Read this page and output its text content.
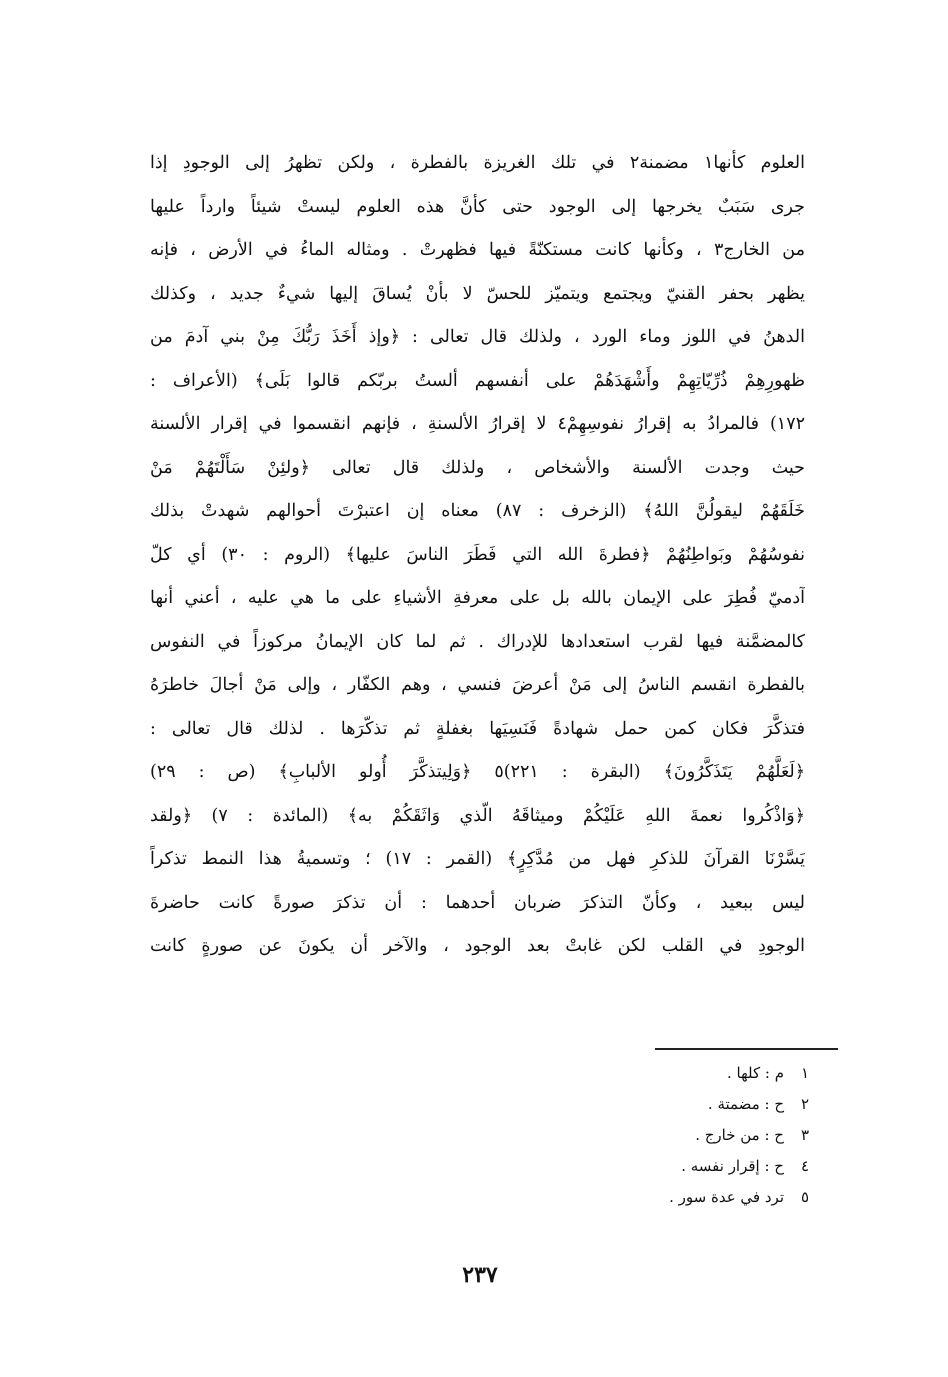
العلوم كأنها١ مضمنة٢ في تلك الغريزة بالفطرة ، ولكن تظهرُ إلى الوجودِ إذا
جرى سَبَبٌ يخرجها إلى الوجود حتى كأنَّ هذه العلوم ليستْ شيئاً وارداً عليها
من الخارج٣ ، وكأنها كانت مستكنّةً فيها فظهرتْ . ومثاله الماءُ في الأرض ، فإنه
يظهر بحفر القنيّ ويجتمع ويتميّز للحسّ لا بأنْ يُساقَ إليها شيءٌ جديد ، وكذلك
الدهنُ في اللوز وماء الورد ، ولذلك قال تعالى : ﴿وإذ أَخَذَ رَبُّكَ مِنْ بني آدمَ من
ظهورِهِمْ ذُرِّيّاتِهِمْ وأَشْهَدَهُمْ على أنفسهم ألستُ بربّكم قالوا بَلَى﴾ (الأعراف :
١٧٢) فالمرادُ به إقرارُ نفوسِهِمْ٤ لا إقرارُ الألسنةِ ، فإنهم انقسموا في إقرار الألسنة
حيث وجدت الألسنة والأشخاص ، ولذلك قال تعالى ﴿ولئِنْ سَأَلْتَهُمْ مَنْ
خَلَقَهُمْ ليقولُنَّ اللهُ﴾ (الزخرف : ٨٧) معناه إن اعتبرْتَ أحوالهم شهدتْ بذلك
نفوسُهُمْ وبَواطِنُهُمْ ﴿فطرةَ الله التي فَطَرَ الناسَ عليها﴾ (الروم : ٣٠) أي كلّ
آدميّ فُطِرَ على الإيمان بالله بل على معرفةِ الأشياءِ على ما هي عليه ، أعني أنها
كالمضمَّنة فيها لقرب استعدادها للإدراك . ثم لما كان الإيمانُ مركوزاً في النفوس
بالفطرة انقسم الناسُ إلى مَنْ أعرضَ فنسي ، وهم الكفّار ، وإلى مَنْ أجالَ خاطرَهُ
فتذكَّرَ فكان كمن حمل شهادةً فَنَسِيَها بغفلةٍ ثم تذكّرَها . لذلك قال تعالى :
﴿لَعَلَّهُمْ يَتَذَكَّرُونَ﴾ (البقرة : ٢٢١)٥ ﴿وَلِيتذكَّرَ أُولو الألبابِ﴾ (ص : ٢٩)
﴿وَاذْكُروا نعمةَ اللهِ عَلَيْكُمْ وميثاقَهُ الّذي وَاثَقَكُمْ به﴾ (المائدة : ٧) ﴿ولقد
يَسَّرْنَا القرآنَ للذكرِ فهل من مُدَّكِرٍ﴾ (القمر : ١٧) ؛ وتسميةُ هذا النمط تذكراً
ليس ببعيد ، وكأنّ التذكرَ ضربان أحدهما : أن تذكرَ صورةً كانت حاضرةَ
الوجودِ في القلب لكن غابتْ بعد الوجود ، والآخر أن يكونَ عن صورةٍ كانت
١م : كلها .
٢ح : مضمتة .
٣ح : من خارج .
٤ح : إقرار نفسه .
٥ترد في عدة سور .
٢٣٧
